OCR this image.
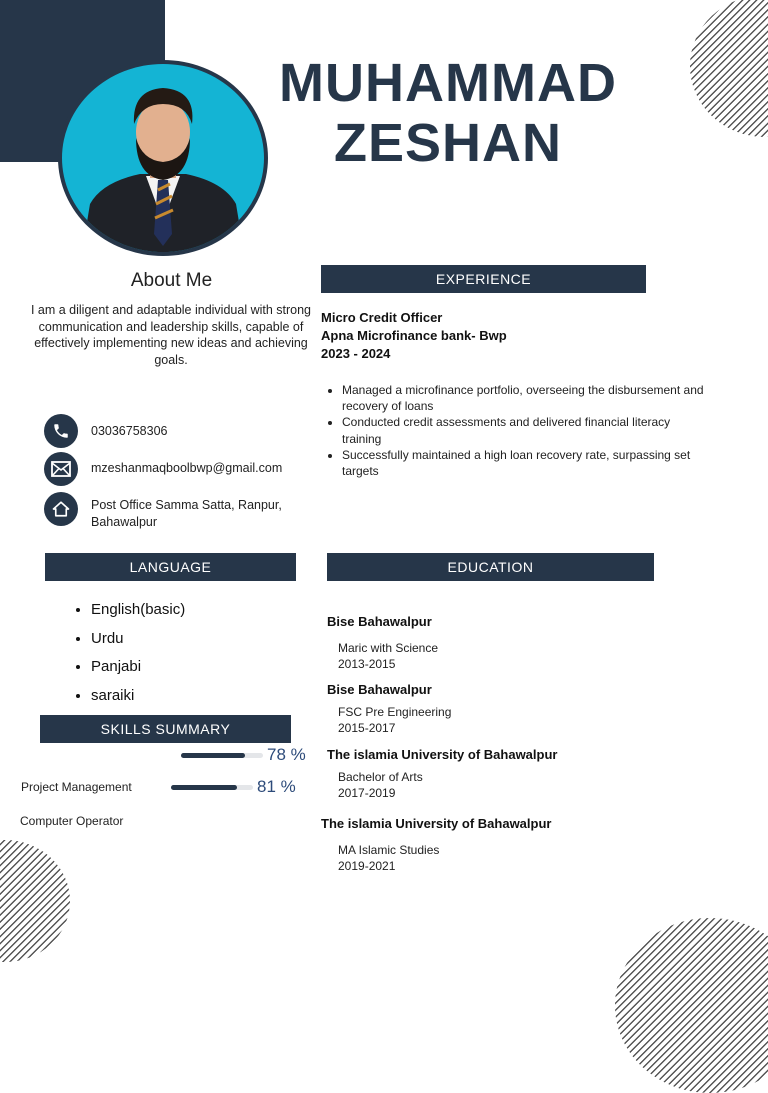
MUHAMMAD
ZESHAN
About Me
I am a diligent and adaptable individual with strong communication and leadership skills, capable of effectively implementing new ideas and achieving goals.
03036758306
mzeshanmaqboolbwp@gmail.com
Post Office Samma Satta, Ranpur,
Bahawalpur
EXPERIENCE
Micro Credit Officer
Apna Microfinance bank- Bwp
2023 - 2024
• Managed a microfinance portfolio, overseeing the disbursement and recovery of loans
• Conducted credit assessments and delivered financial literacy training
• Successfully maintained a high loan recovery rate, surpassing set targets
LANGUAGE
• English(basic)
• Urdu
• Panjabi
• saraiki
EDUCATION
Bise Bahawalpur
Maric with Science
2013-2015
Bise Bahawalpur
FSC Pre Engineering
2015-2017
The islamia University of Bahawalpur
Bachelor of Arts
2017-2019
The islamia University of Bahawalpur
MA Islamic Studies
2019-2021
SKILLS SUMMARY
78 %
Project Management	81 %
Computer Operator
